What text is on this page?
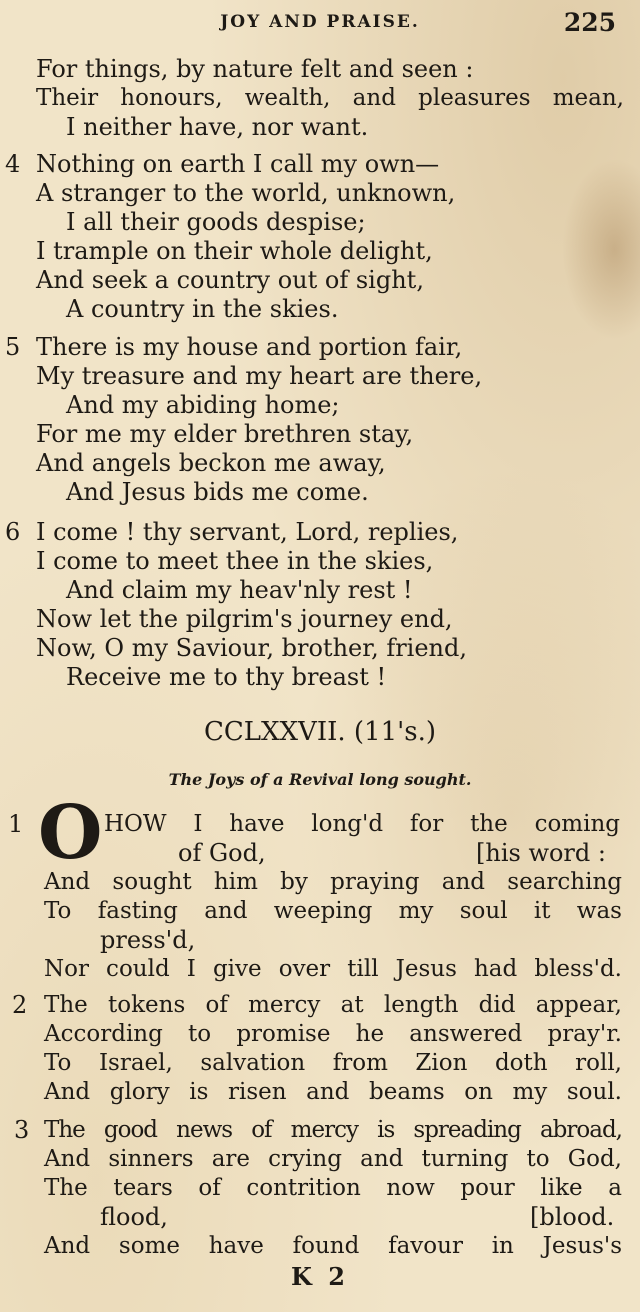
JOY AND PRAISE.	225
For things, by nature felt and seen :
Their honours, wealth, and pleasures mean,
I neither have, nor want.
4 Nothing on earth I call my own—
A stranger to the world, unknown,
I all their goods despise;
I trample on their whole delight,
And seek a country out of sight,
A country in the skies.
5 There is my house and portion fair,
My treasure and my heart are there,
And my abiding home;
For me my elder brethren stay,
And angels beckon me away,
And Jesus bids me come.
6 I come ! thy servant, Lord, replies,
I come to meet thee in the skies,
And claim my heav'nly rest !
Now let the pilgrim's journey end,
Now, O my Saviour, brother, friend,
Receive me to thy breast !
CCLXXVII. (11's.)
The Joys of a Revival long sought.
1 O HOW I have long'd for the coming
of God,	[his word :
And sought him by praying and searching
To fasting and weeping my soul it was
press'd,
Nor could I give over till Jesus had bless'd.
2 The tokens of mercy at length did appear,
According to promise he answered pray'r.
To Israel, salvation from Zion doth roll,
And glory is risen and beams on my soul.
3 The good news of mercy is spreading abroad,
And sinners are crying and turning to God,
The tears of contrition now pour like a
flood,	[blood.
And some have found favour in Jesus's
K 2
